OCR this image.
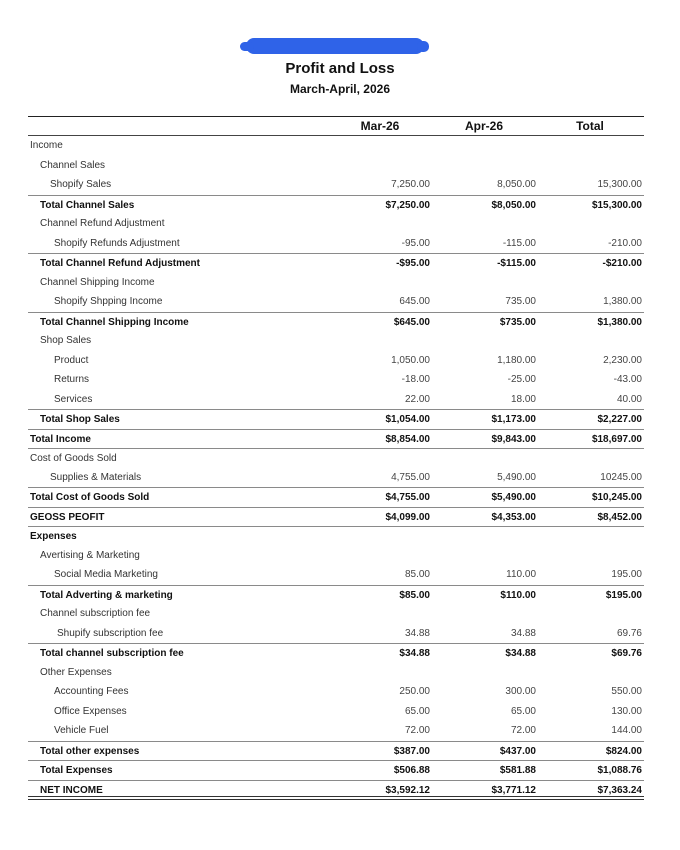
Profit and Loss
March-April, 2026
Mar-26	Apr-26	Total
Income
Channel Sales
Shopify Sales	7,250.00	8,050.00	15,300.00
Total Channel Sales	$7,250.00	$8,050.00	$15,300.00
Channel Refund Adjustment
Shopify Refunds Adjustment	-95.00	-115.00	-210.00
Total Channel Refund Adjustment	-$95.00	-$115.00	-$210.00
Channel Shipping Income
Shopify Shpping Income	645.00	735.00	1,380.00
Total Channel Shipping Income	$645.00	$735.00	$1,380.00
Shop Sales
Product	1,050.00	1,180.00	2,230.00
Returns	-18.00	-25.00	-43.00
Services	22.00	18.00	40.00
Total Shop Sales	$1,054.00	$1,173.00	$2,227.00
Total Income	$8,854.00	$9,843.00	$18,697.00
Cost of Goods Sold
Supplies & Materials	4,755.00	5,490.00	10245.00
Total Cost of Goods Sold	$4,755.00	$5,490.00	$10,245.00
GEOSS PEOFIT	$4,099.00	$4,353.00	$8,452.00
Expenses
Avertising & Marketing
Social Media Marketing	85.00	110.00	195.00
Total Adverting & marketing	$85.00	$110.00	$195.00
Channel subscription fee
Shupify subscription fee	34.88	34.88	69.76
Total channel subscription fee	$34.88	$34.88	$69.76
Other Expenses
Accounting Fees	250.00	300.00	550.00
Office Expenses	65.00	65.00	130.00
Vehicle Fuel	72.00	72.00	144.00
Total other expenses	$387.00	$437.00	$824.00
Total Expenses	$506.88	$581.88	$1,088.76
NET INCOME	$3,592.12	$3,771.12	$7,363.24
